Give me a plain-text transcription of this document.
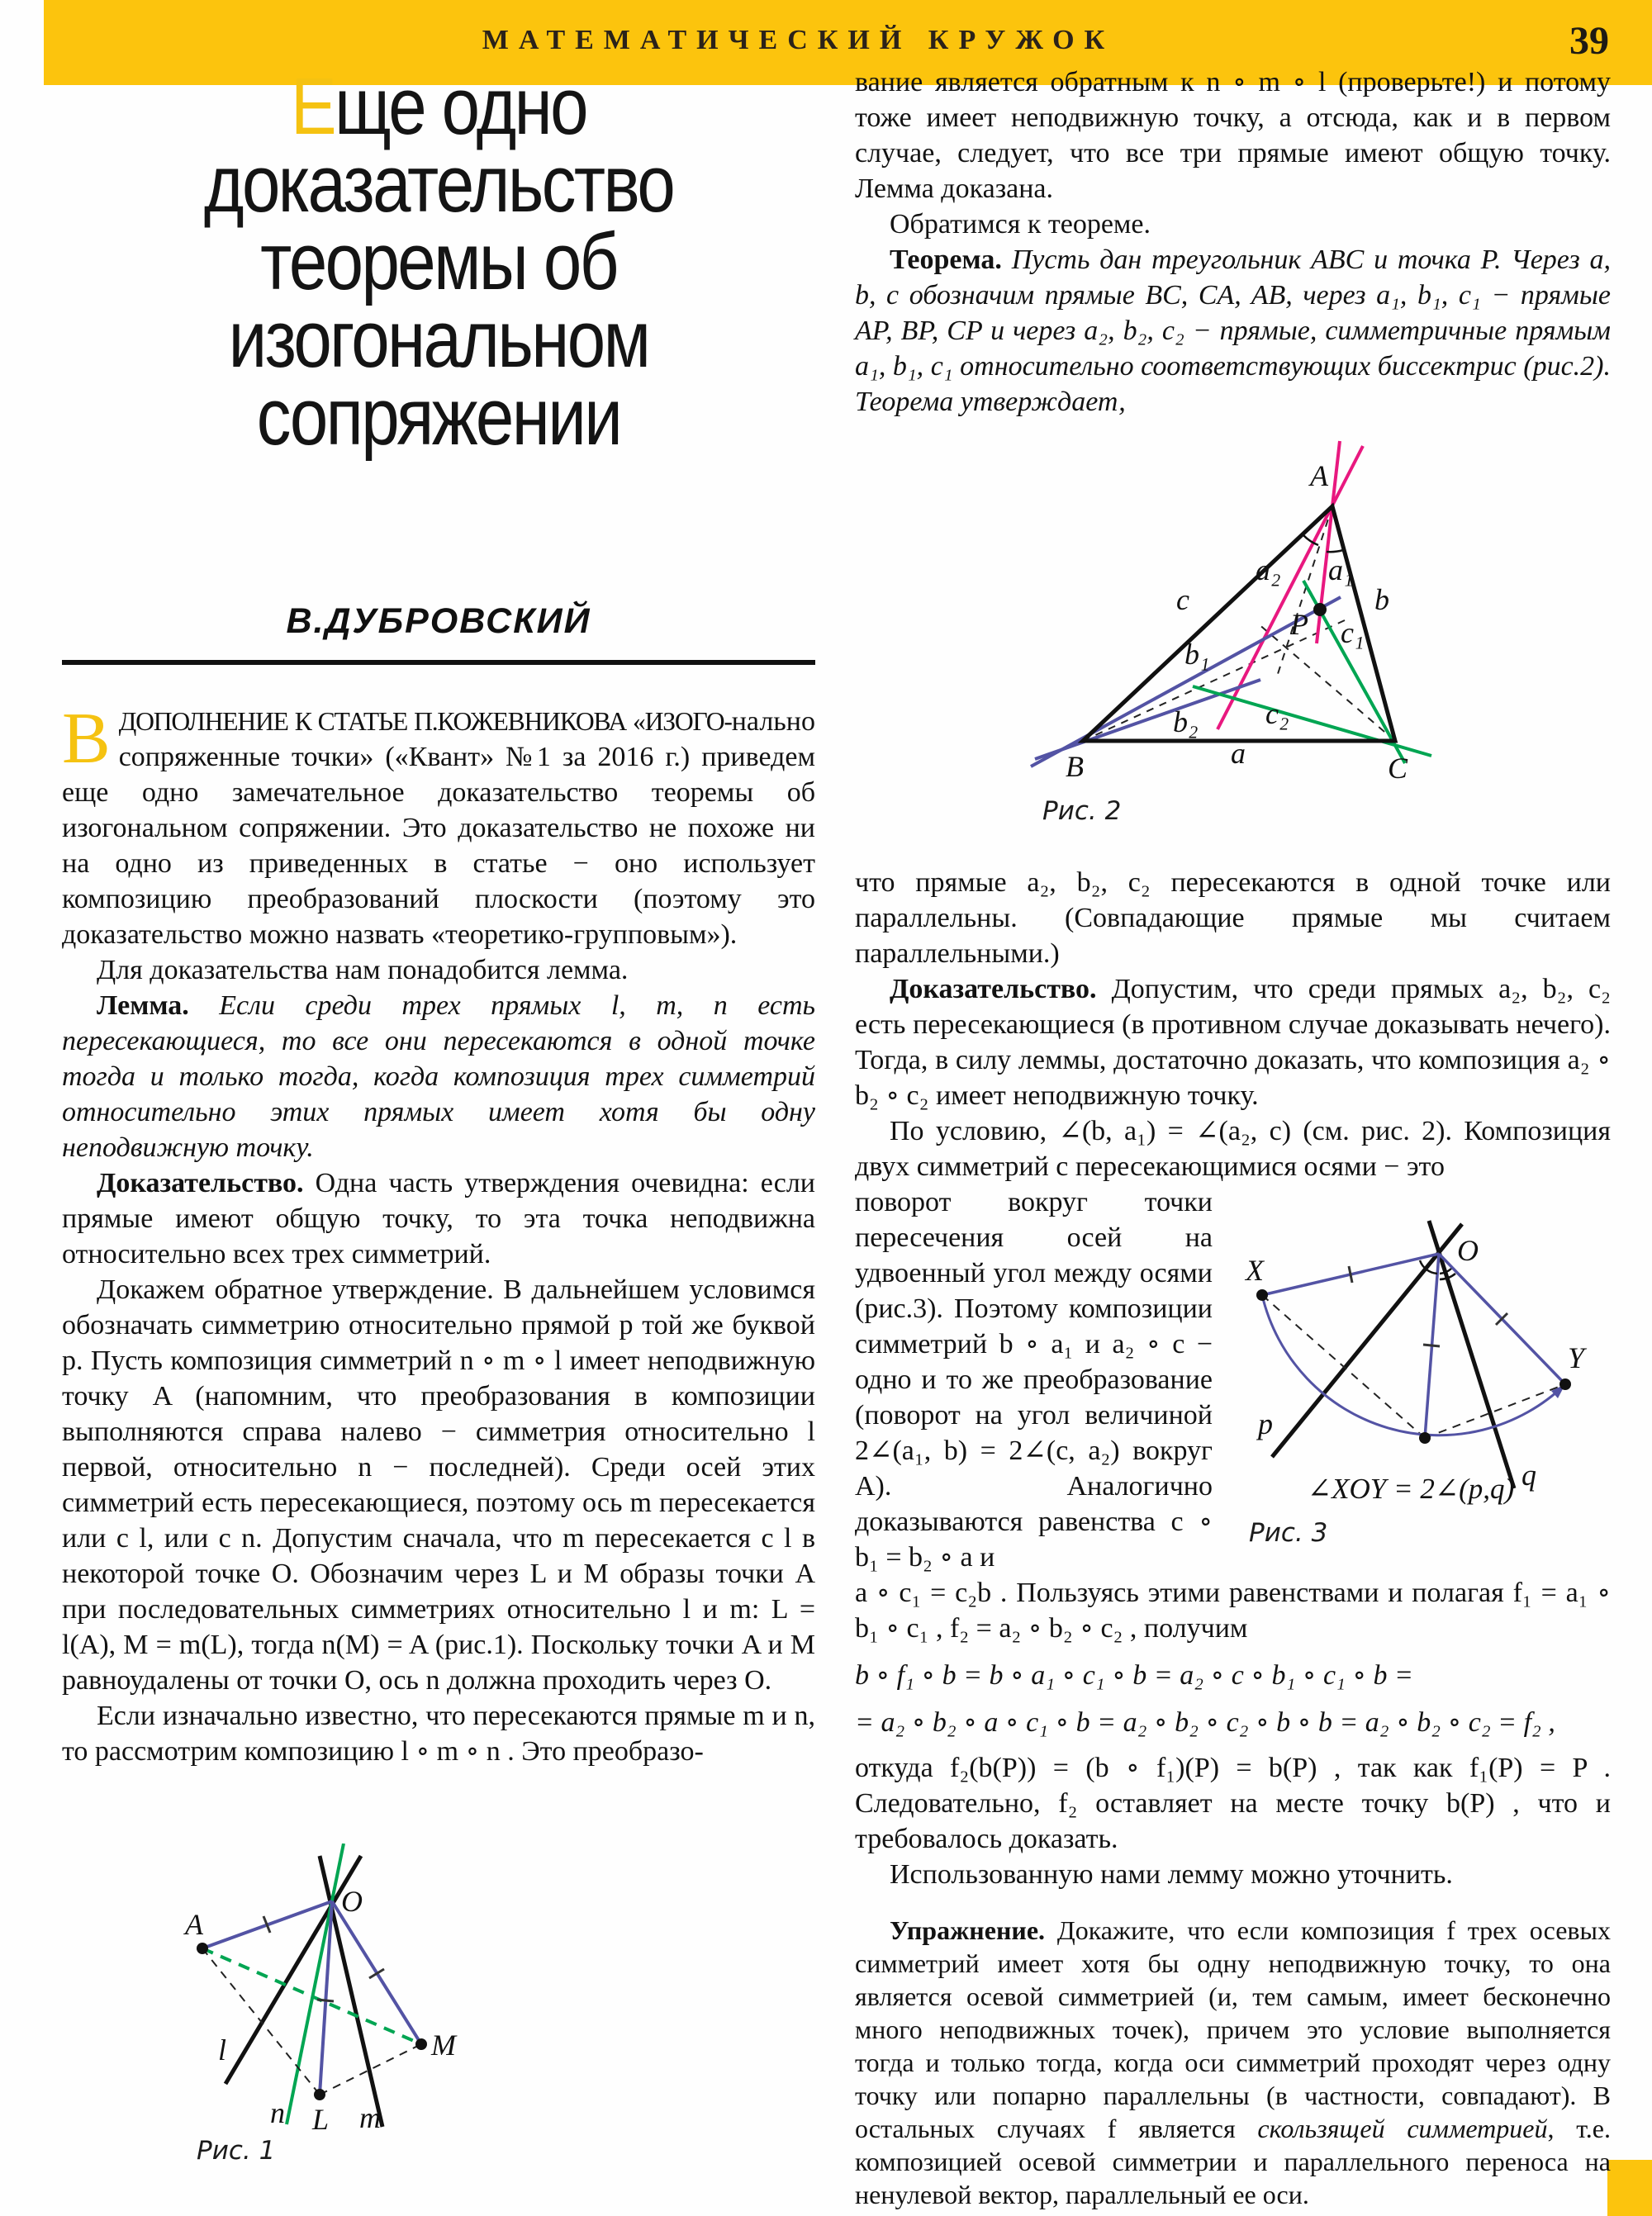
МАТЕМАТИЧЕСКИЙ КРУЖОК	39
Еще одно
доказательство
теоремы об
изогональном
сопряжении
В.ДУБРОВСКИЙ

ВДОПОЛНЕНИЕ К СТАТЬЕ П.КОЖЕВНИКОВА «ИЗОГО-нально сопряженные точки» («Квант» №1 за 2016 г.) приведем еще одно замечательное доказательство теоремы об изогональном сопряжении. Это доказательство не похоже ни на одно из приведенных в статье − оно использует композицию преобразований плоскости (поэтому это доказательство можно назвать «теоретико-групповым»).

Для доказательства нам понадобится лемма.

Лемма. Если среди трех прямых l, m, n есть пересекающиеся, то все они пересекаются в одной точке тогда и только тогда, когда композиция трех симметрий относительно этих прямых имеет хотя бы одну неподвижную точку.

Доказательство. Одна часть утверждения очевидна: если прямые имеют общую точку, то эта точка неподвижна относительно всех трех симметрий.

Докажем обратное утверждение. В дальнейшем условимся обозначать симметрию относительно прямой p той же буквой p. Пусть композиция симметрий n ∘ m ∘ l имеет неподвижную точку A (напомним, что преобразования в композиции выполняются справа налево − симметрия относительно l первой, относительно n − последней). Среди осей этих симметрий есть пересекающиеся, поэтому ось m пересекается или с l, или с n. Допустим сначала, что m пересекается с l в некоторой точке O. Обозначим через L и M образы точки A при последовательных симметриях относительно l и m: L = l(A), M = m(L), тогда n(M) = A (рис.1). Поскольку точки A и M равноудалены от точки O, ось n должна проходить через O.

Если изначально известно, что пересекаются прямые m и n, то рассмотрим композицию l ∘ m ∘ n . Это преобразо-

A
O
l
n L m
M
Рис. 1

вание является обратным к n ∘ m ∘ l (проверьте!) и потому тоже имеет неподвижную точку, а отсюда, как и в первом случае, следует, что все три прямые имеют общую точку. Лемма доказана.

Обратимся к теореме.

Теорема. Пусть дан треугольник ABC и точка P. Через a, b, c обозначим прямые BC, CA, AB, через a₁, b₁, c₁ − прямые AP, BP, CP и через a₂, b₂, c₂ − прямые, симметричные прямым a₁, b₁, c₁ относительно соответствующих биссектрис (рис.2). Теорема утверждает,

A
B	C
a
b
c
a₂ a₁
b₁
b₂
c₁
c₂
P
Рис. 2

что прямые a₂, b₂, c₂ пересекаются в одной точке или параллельны. (Совпадающие прямые мы считаем параллельными.)

Доказательство. Допустим, что среди прямых a₂, b₂, c₂ есть пересекающиеся (в противном случае доказывать нечего). Тогда, в силу леммы, достаточно доказать, что композиция a₂ ∘ b₂ ∘ c₂ имеет неподвижную точку.

По условию, ∠(b, a₁) = ∠(a₂, c) (см. рис. 2). Композиция двух симметрий с пересекающимися осями − это

X
O
Y
p
q
∠XOY = 2∠(p,q)
Рис. 3

поворот вокруг точки пересечения осей на удвоенный угол между осями (рис.3). Поэтому композиции симметрий b ∘ a₁ и a₂ ∘ c − одно и то же преобразование (поворот на угол величиной 2∠(a₁, b) = 2∠(c, a₂) вокруг A). Аналогично доказываются равенства c ∘ b₁ = b₂ ∘ a и

a ∘ c₁ = c₂b . Пользуясь этими равенствами и полагая f₁ = a₁ ∘ b₁ ∘ c₁ , f₂ = a₂ ∘ b₂ ∘ c₂ , получим

b ∘ f₁ ∘ b = b ∘ a₁ ∘ c₁ ∘ b = a₂ ∘ c ∘ b₁ ∘ c₁ ∘ b =

= a₂ ∘ b₂ ∘ a ∘ c₁ ∘ b = a₂ ∘ b₂ ∘ c₂ ∘ b ∘ b = a₂ ∘ b₂ ∘ c₂ = f₂ ,

откуда f₂(b(P)) = (b ∘ f₁)(P) = b(P) , так как f₁(P) = P . Следовательно, f₂ оставляет на месте точку b(P) , что и требовалось доказать.

Использованную нами лемму можно уточнить.

Упражнение. Докажите, что если композиция f трех осевых симметрий имеет хотя бы одну неподвижную точку, то она является осевой симметрией (и, тем самым, имеет бесконечно много неподвижных точек), причем это условие выполняется тогда и только тогда, когда оси симметрий проходят через одну точку или попарно параллельны (в частности, совпадают). В остальных случаях f является скользящей симметрией, т.е. композицией осевой симметрии и параллельного переноса на ненулевой вектор, параллельный ее оси.
